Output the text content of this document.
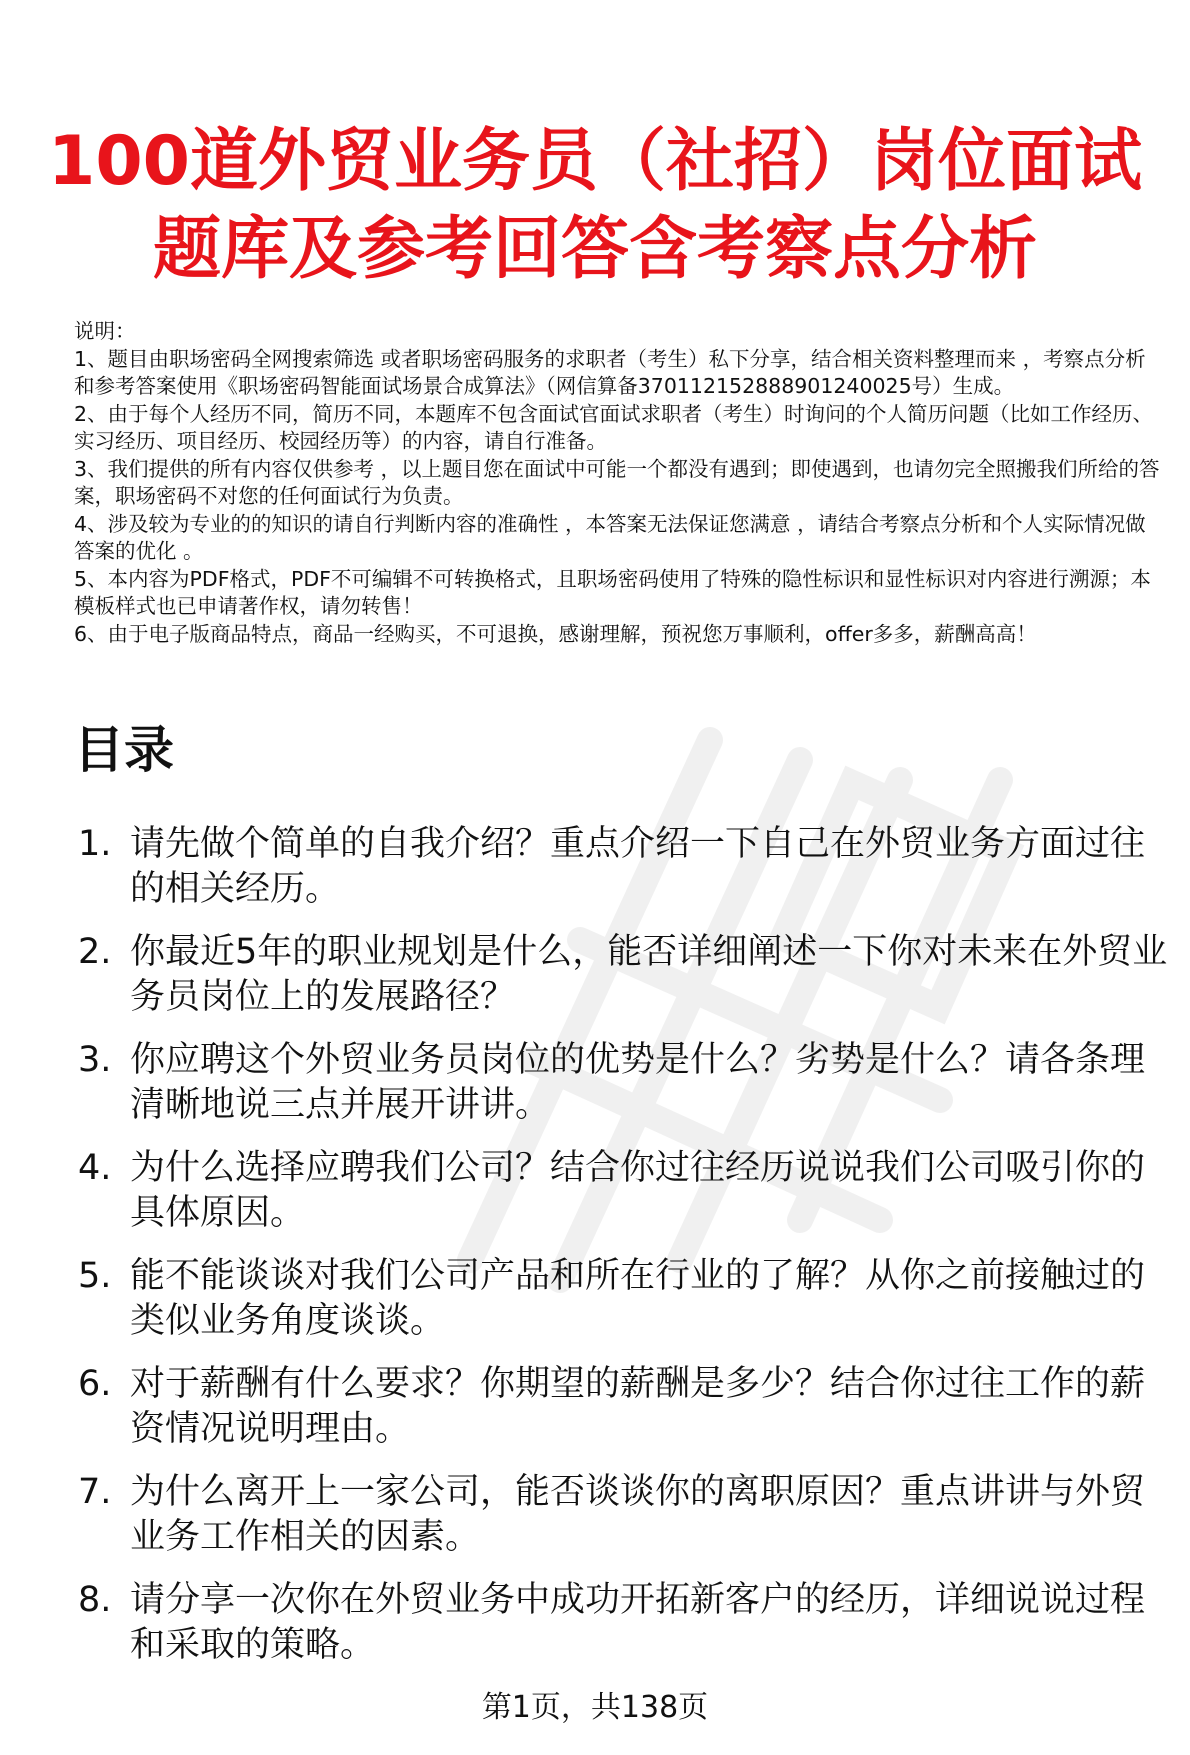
100道外贸业务员（社招）岗位面试
题库及参考回答含考察点分析

说明：

1、题目由职场密码全网搜索筛选 或者职场密码服务的求职者（考生）私下分享，结合相关资料整理而来 ，考察点分析和参考答案使用《职场密码智能面试场景合成算法》（网信算备370112152888901240025号）生成。

2、由于每个人经历不同，简历不同，本题库不包含面试官面试求职者（考生）时询问的个人简历问题（比如工作经历、实习经历、项目经历、校园经历等）的内容，请自行准备。

3、我们提供的所有内容仅供参考 ，以上题目您在面试中可能一个都没有遇到；即使遇到，也请勿完全照搬我们所给的答案，职场密码不对您的任何面试行为负责。

4、涉及较为专业的的知识的请自行判断内容的准确性 ，本答案无法保证您满意 ，请结合考察点分析和个人实际情况做答案的优化 。

5、本内容为PDF格式，PDF不可编辑不可转换格式，且职场密码使用了特殊的隐性标识和显性标识对内容进行溯源；本模板样式也已申请著作权，请勿转售！

6、由于电子版商品特点，商品一经购买，不可退换，感谢理解，预祝您万事顺利，offer多多，薪酬高高！

目录
1. 请先做个简单的自我介绍？重点介绍一下自己在外贸业务方面过往的相关经历。
2. 你最近5年的职业规划是什么，能否详细阐述一下你对未来在外贸业务员岗位上的发展路径？
3. 你应聘这个外贸业务员岗位的优势是什么？劣势是什么？请各条理清晰地说三点并展开讲讲。
4. 为什么选择应聘我们公司？结合你过往经历说说我们公司吸引你的具体原因。
5. 能不能谈谈对我们公司产品和所在行业的了解？从你之前接触过的类似业务角度谈谈。
6. 对于薪酬有什么要求？你期望的薪酬是多少？结合你过往工作的薪资情况说明理由。
7. 为什么离开上一家公司，能否谈谈你的离职原因？重点讲讲与外贸业务工作相关的因素。
8. 请分享一次你在外贸业务中成功开拓新客户的经历，详细说说过程和采取的策略。
第1页，共138页
